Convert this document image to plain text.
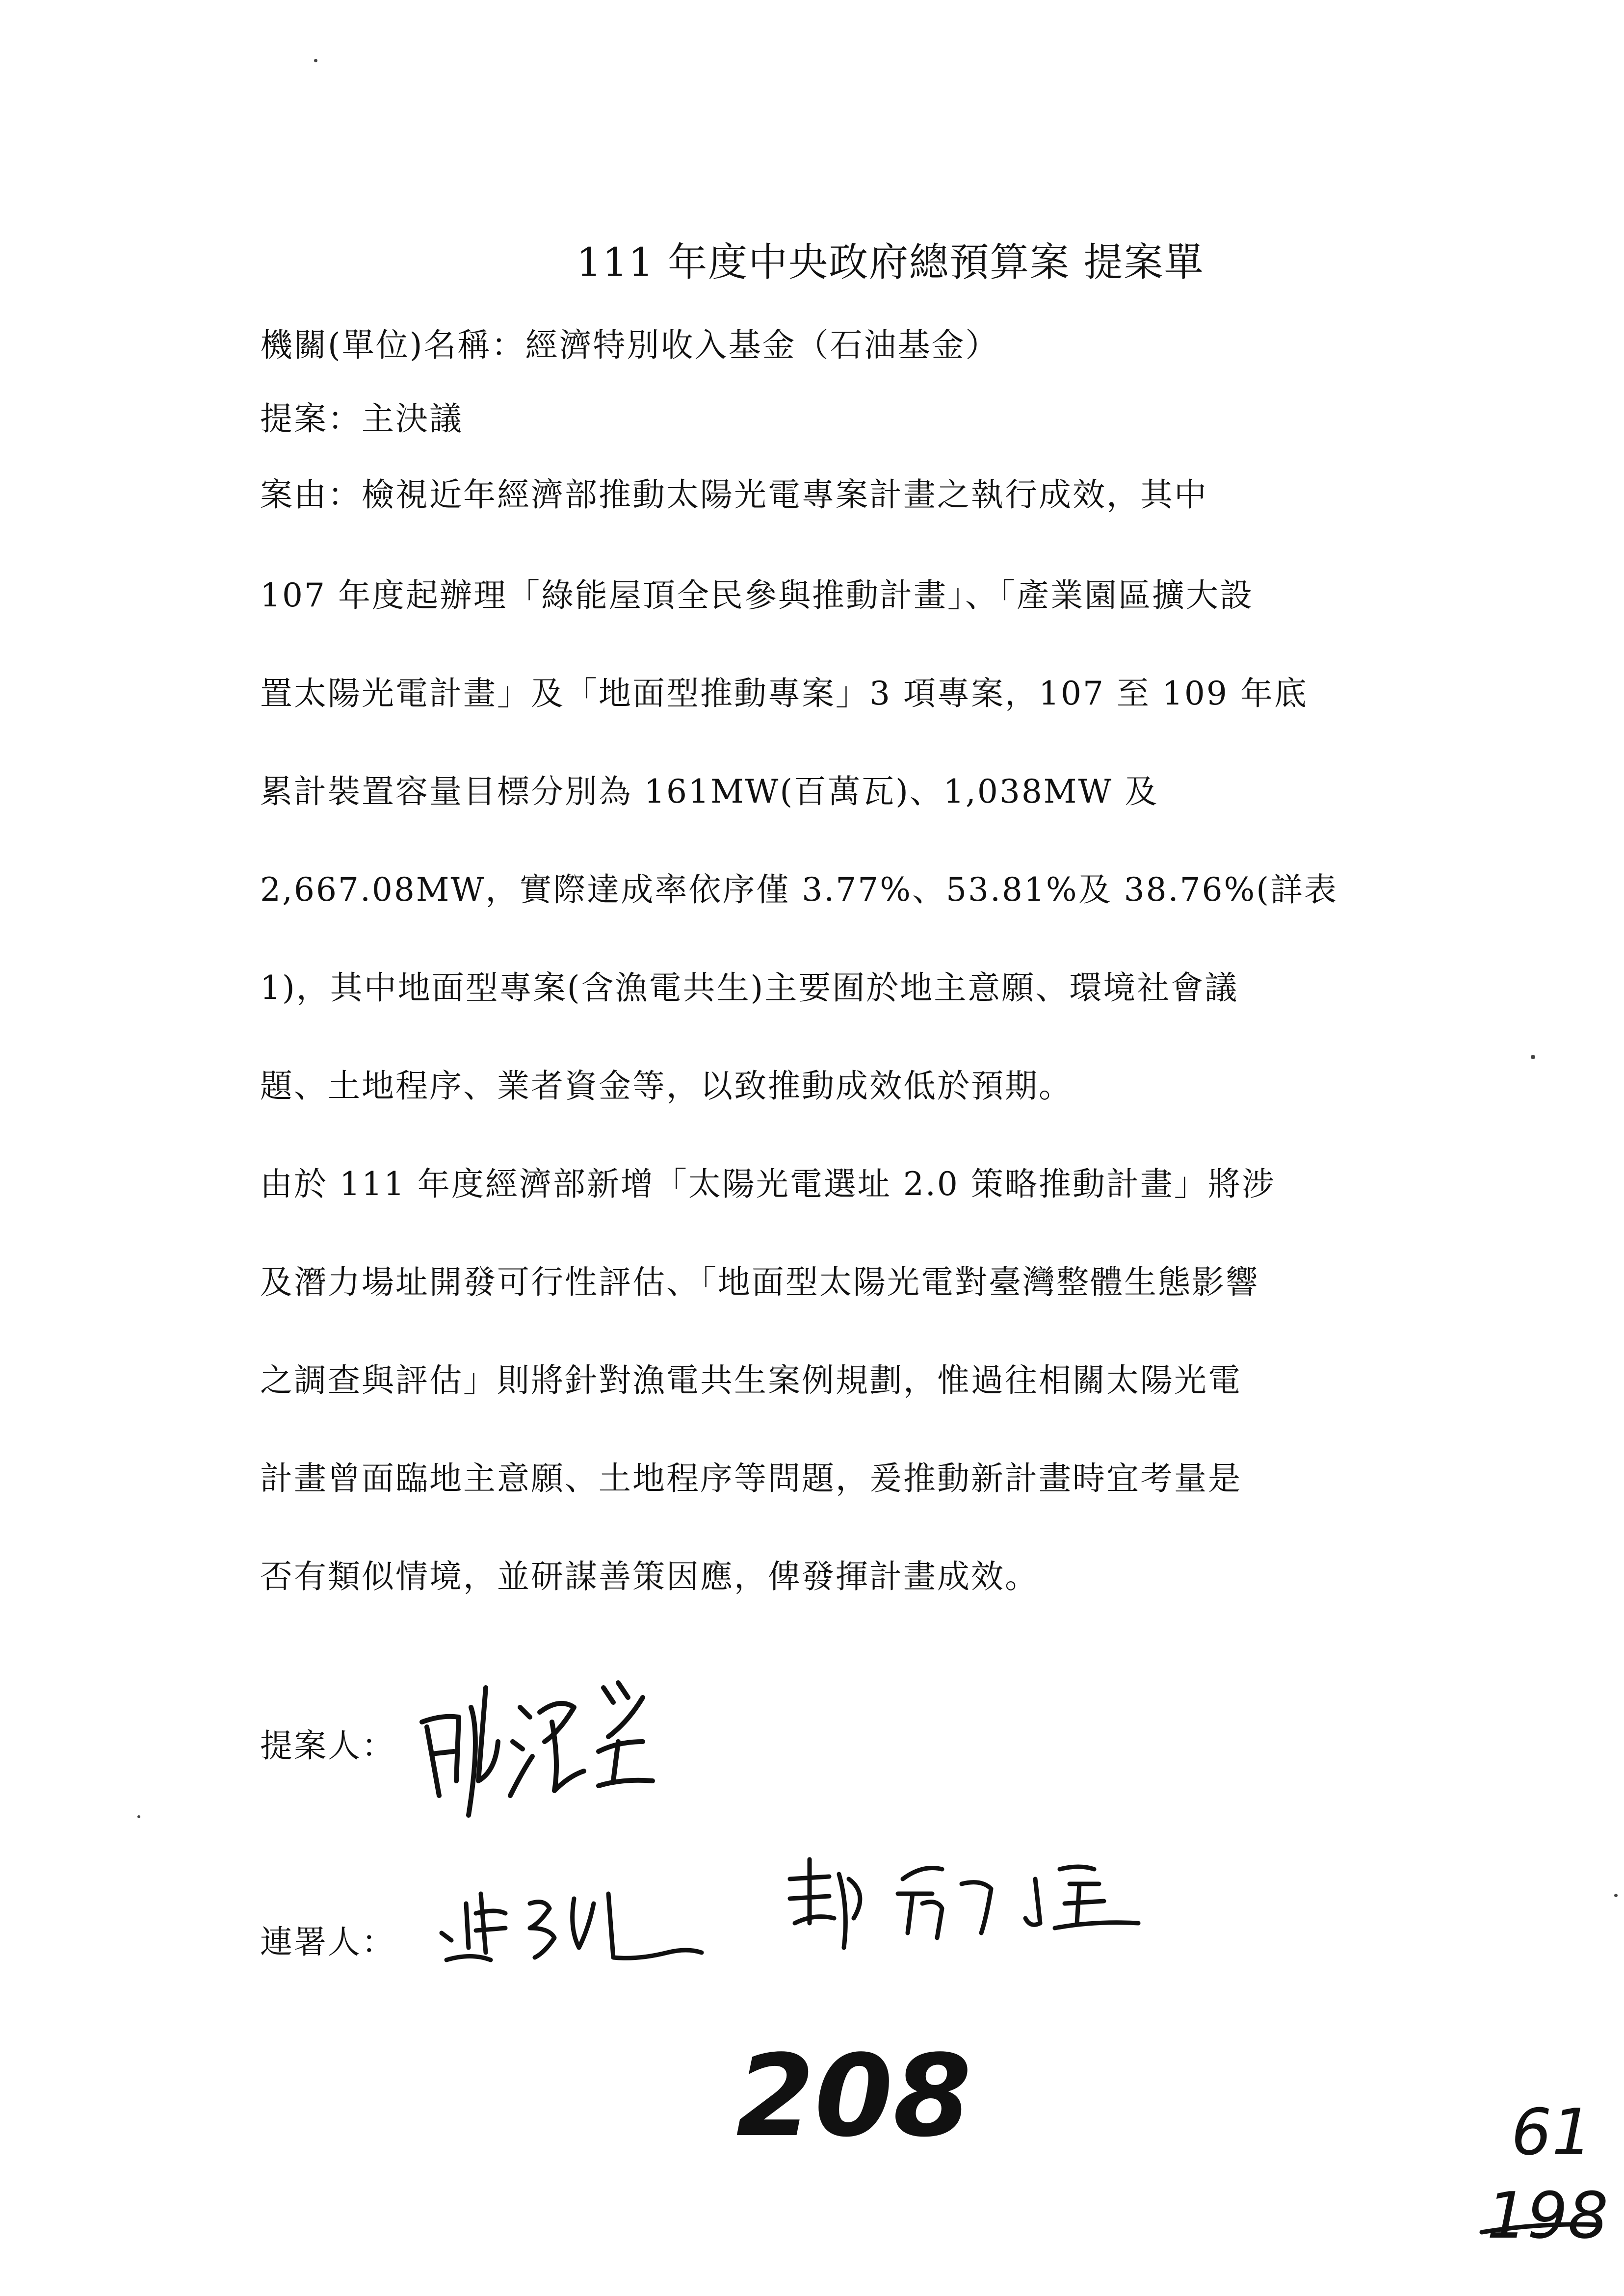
111 年度中央政府總預算案 提案單
機關(單位)名稱：經濟特別收入基金（石油基金）
提案：主決議
案由：檢視近年經濟部推動太陽光電專案計畫之執行成效，其中
107 年度起辦理「綠能屋頂全民參與推動計畫」、「產業園區擴大設
置太陽光電計畫」及「地面型推動專案」3 項專案，107 至 109 年底
累計裝置容量目標分別為 161MW(百萬瓦)、1,038MW 及
2,667.08MW，實際達成率依序僅 3.77%、53.81%及 38.76%(詳表
1)，其中地面型專案(含漁電共生)主要囿於地主意願、環境社會議
題、土地程序、業者資金等，以致推動成效低於預期。
由於 111 年度經濟部新增「太陽光電選址 2.0 策略推動計畫」將涉
及潛力場址開發可行性評估、「地面型太陽光電對臺灣整體生態影響
之調查與評估」則將針對漁電共生案例規劃，惟過往相關太陽光電
計畫曾面臨地主意願、土地程序等問題，爰推動新計畫時宜考量是
否有類似情境，並研謀善策因應，俾發揮計畫成效。
提案人：
連署人：
208	61
198
